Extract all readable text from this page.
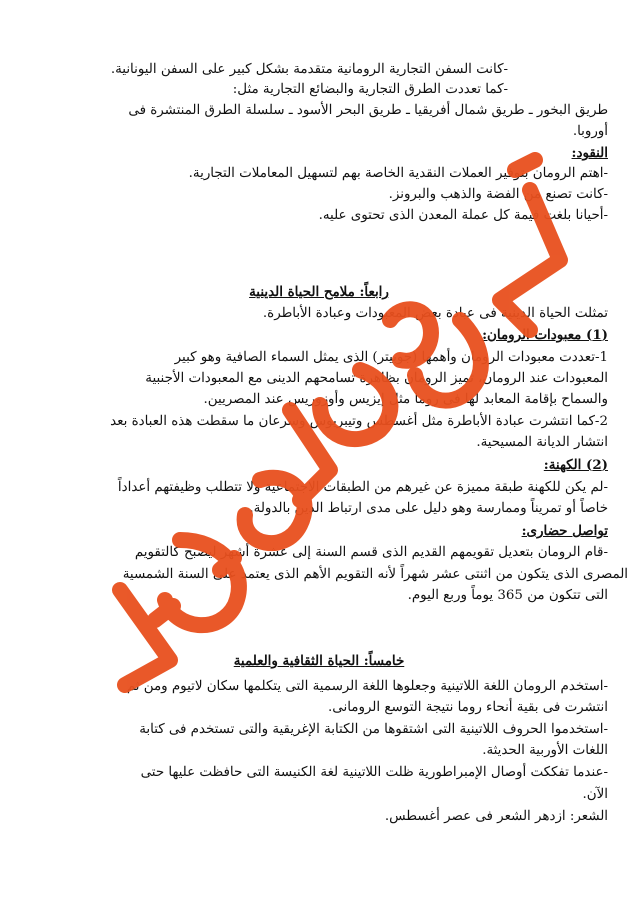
-كانت السفن التجارية الرومانية متقدمة بشكل كبير على السفن اليونانية.
-كما تعددت الطرق التجارية والبضائع التجارية مثل:
طريق البخور ـ طريق شمال أفريقيا ـ طريق البحر الأسود ـ سلسلة الطرق المنتشرة فى
أوروبا.
النقود:
-اهتم الرومان بتوفير العملات النقدية الخاصة بهم لتسهيل المعاملات التجارية.
-كانت تصنع من الفضة والذهب والبرونز.
-أحيانا بلغت قيمة كل عملة المعدن الذى تحتوى عليه.
رابعاً: ملامح الحياة الدينية
تمثلت الحياة الدينية فى عبادة بعض المعبودات وعبادة الأباطرة.
(1) معبودات الرومان:
1-تعددت معبودات الرومان وأهمها (جوبيتر) الذى يمثل السماء الصافية وهو كبير
المعبودات عند الرومان، تميز الرومان بظاهرة تسامحهم الدينى مع المعبودات الأجنبية
والسماح بإقامة المعابد لها فى روما مثل إيزيس وأوزوريس عند المصريين.
2-كما انتشرت عبادة الأباطرة مثل أغسطس وتيبريوس وسرعان ما سقطت هذه العبادة بعد
انتشار الديانة المسيحية.
(2) الكهنة:
-لم يكن للكهنة طبقة مميزة عن غيرهم من الطبقات الاجتماعية ولا تتطلب وظيفتهم أعداداً
خاصاً أو تمريناً وممارسة وهو دليل على مدى ارتباط الدين بالدولة.
تواصل حضارى:
-قام الرومان بتعديل تقويمهم القديم الذى قسم السنة إلى عشرة أشهر ليصبح كالتقويم
المصرى الذى يتكون من اثنتى عشر شهراً لأنه التقويم الأهم الذى يعتمد على السنة الشمسية
التى تتكون من 365 يوماً وربع اليوم.
خامساً: الحياة الثقافية والعلمية
-استخدم الرومان اللغة اللاتينية وجعلوها اللغة الرسمية التى يتكلمها سكان لاتيوم ومن ثم
انتشرت فى بقية أنحاء روما نتيجة التوسع الرومانى.
-استخدموا الحروف اللاتينية التى اشتقوها من الكتابة الإغريقية والتى تستخدم فى كتابة
اللغات الأوربية الحديثة.
-عندما تفككت أوصال الإمبراطورية ظلت اللاتينية لغة الكنيسة التى حافظت عليها حتى
الآن.
الشعر: ازدهر الشعر فى عصر أغسطس.
